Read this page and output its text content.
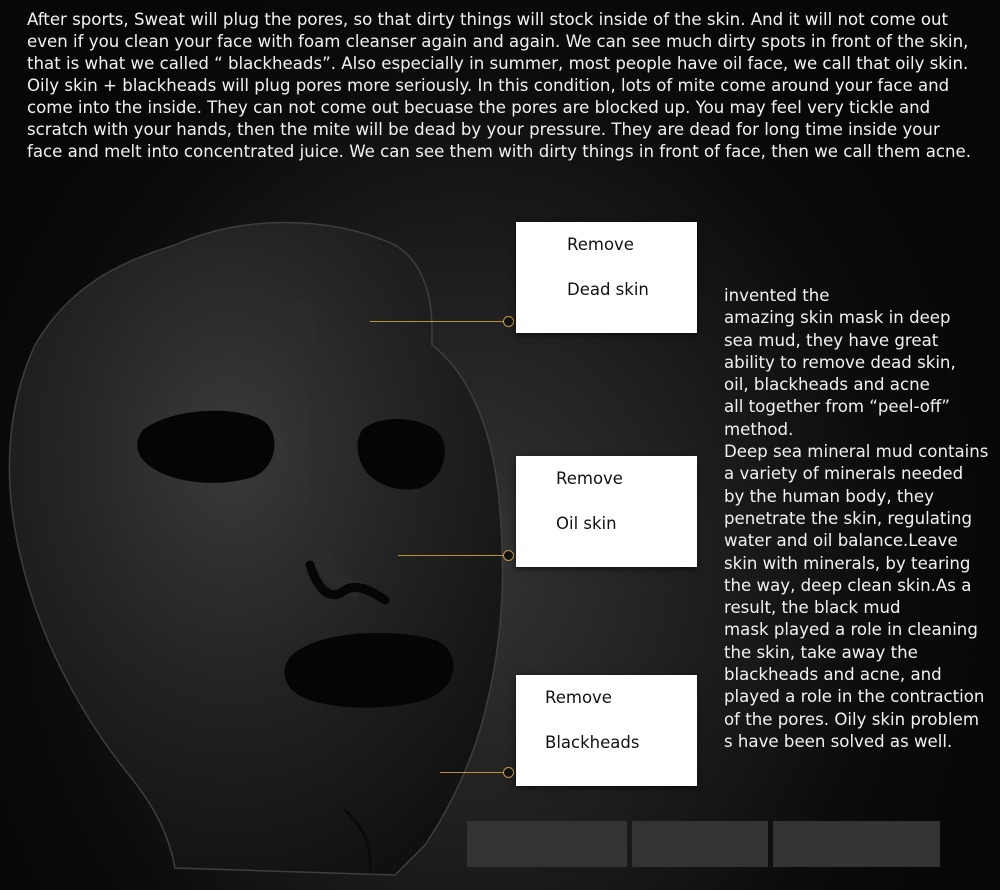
After sports, Sweat will plug the pores, so that dirty things will stock inside of the skin. And it will not come out
even if you clean your face with foam cleanser again and again. We can see much dirty spots in front of the skin,
that is what we called “ blackheads”. Also especially in summer, most people have oil face, we call that oily skin.
Oily skin + blackheads will plug pores more seriously. In this condition, lots of mite come around your face and
come into the inside. They can not come out becuase the pores are blocked up. You may feel very tickle and
scratch with your hands, then the mite will be dead by your pressure. They are dead for long time inside your
face and melt into concentrated juice. We can see them with dirty things in front of face, then we call them acne.
Remove
Dead skin
Remove
Oil skin
Remove
Blackheads
invented the
amazing skin mask in deep
sea mud, they have great
ability to remove dead skin,
oil, blackheads and acne
all together from “peel-off”
method.
Deep sea mineral mud contains
a variety of minerals needed
by the human body, they
penetrate the skin, regulating
water and oil balance.Leave
skin with minerals, by tearing
the way, deep clean skin.As a
result, the black mud
mask played a role in cleaning
the skin, take away the
blackheads and acne, and
played a role in the contraction
of the pores. Oily skin problem
s have been solved as well.
